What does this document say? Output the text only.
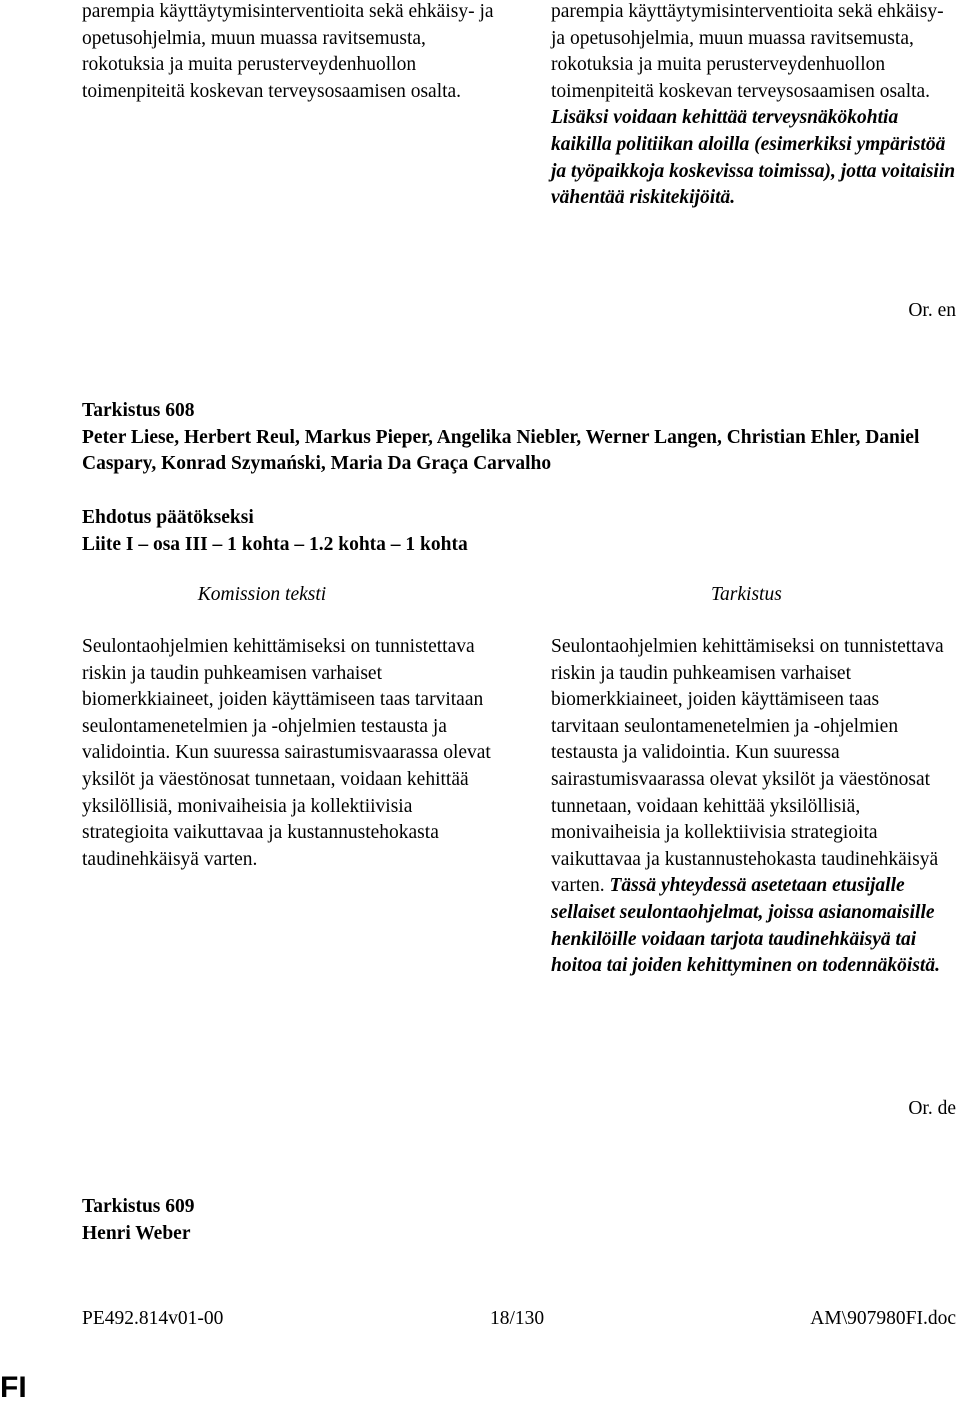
parempia käyttäytymisinterventioita sekä ehkäisy- ja opetusohjelmia, muun muassa ravitsemusta, rokotuksia ja muita perusterveydenhuollon toimenpiteitä koskevan terveysosaamisen osalta.

parempia käyttäytymisinterventioita sekä ehkäisy- ja opetusohjelmia, muun muassa ravitsemusta, rokotuksia ja muita perusterveydenhuollon toimenpiteitä koskevan terveysosaamisen osalta. Lisäksi voidaan kehittää terveysnäkökohtia kaikilla politiikan aloilla (esimerkiksi ympäristöä ja työpaikkoja koskevissa toimissa), jotta voitaisiin vähentää riskitekijöitä.

Or. en
Tarkistus 608
Peter Liese, Herbert Reul, Markus Pieper, Angelika Niebler, Werner Langen, Christian Ehler, Daniel Caspary, Konrad Szymański, Maria Da Graça Carvalho
Ehdotus päätökseksi
Liite I – osa III – 1 kohta – 1.2 kohta – 1 kohta
Komission teksti	Tarkistus

Seulontaohjelmien kehittämiseksi on tunnistettava riskin ja taudin puhkeamisen varhaiset biomerkkiaineet, joiden käyttämiseen taas tarvitaan seulontamenetelmien ja -ohjelmien testausta ja validointia. Kun suuressa sairastumisvaarassa olevat yksilöt ja väestönosat tunnetaan, voidaan kehittää yksilöllisiä, monivaiheisia ja kollektiivisia strategioita vaikuttavaa ja kustannustehokasta taudinehkäisyä varten.

Seulontaohjelmien kehittämiseksi on tunnistettava riskin ja taudin puhkeamisen varhaiset biomerkkiaineet, joiden käyttämiseen taas tarvitaan seulontamenetelmien ja -ohjelmien testausta ja validointia. Kun suuressa sairastumisvaarassa olevat yksilöt ja väestönosat tunnetaan, voidaan kehittää yksilöllisiä, monivaiheisia ja kollektiivisia strategioita vaikuttavaa ja kustannustehokasta taudinehkäisyä varten. Tässä yhteydessä asetetaan etusijalle sellaiset seulontaohjelmat, joissa asianomaisille henkilöille voidaan tarjota taudinehkäisyä tai hoitoa tai joiden kehittyminen on todennäköistä.

Or. de
Tarkistus 609
Henri Weber
PE492.814v01-00	18/130	AM\907980FI.doc
FI
